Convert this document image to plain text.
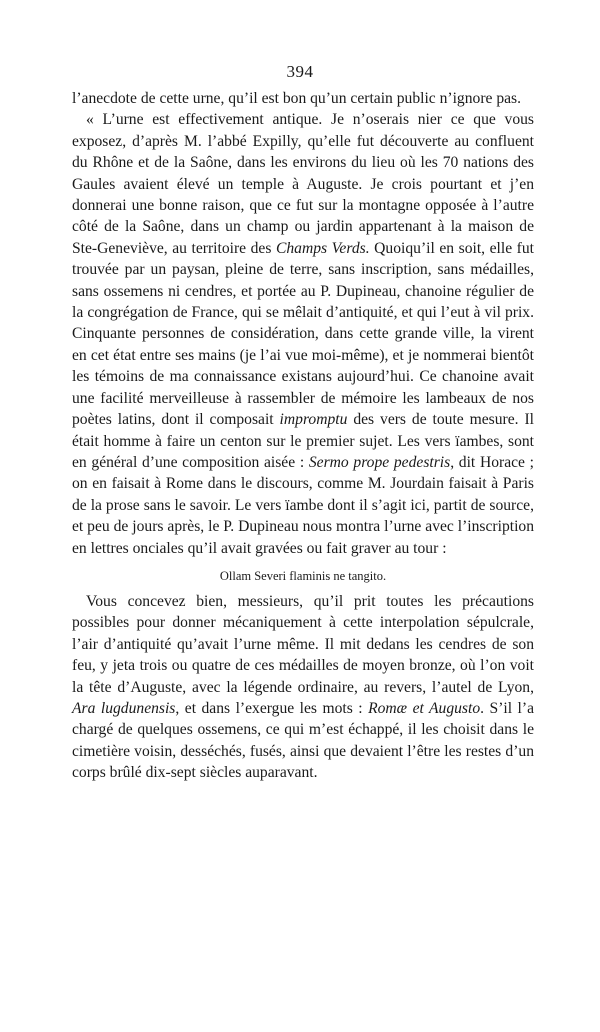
394

l’anecdote de cette urne, qu’il est bon qu’un certain public n’ignore pas.

« L’urne est effectivement antique. Je n’oserais nier ce que vous exposez, d’après M. l’abbé Expilly, qu’elle fut découverte au confluent du Rhône et de la Saône, dans les environs du lieu où les 70 nations des Gaules avaient élevé un temple à Auguste. Je crois pourtant et j’en donnerai une bonne raison, que ce fut sur la montagne opposée à l’autre côté de la Saône, dans un champ ou jardin appartenant à la maison de Ste-Geneviève, au territoire des Champs Verds. Quoiqu’il en soit, elle fut trouvée par un paysan, pleine de terre, sans inscription, sans médailles, sans ossemens ni cendres, et portée au P. Dupineau, chanoine régulier de la congrégation de France, qui se mêlait d’antiquité, et qui l’eut à vil prix. Cinquante personnes de considération, dans cette grande ville, la virent en cet état entre ses mains (je l’ai vue moi-même), et je nommerai bientôt les témoins de ma connaissance existans aujourd’hui. Ce chanoine avait une facilité merveilleuse à rassembler de mémoire les lambeaux de nos poètes latins, dont il composait impromptu des vers de toute mesure. Il était homme à faire un centon sur le premier sujet. Les vers ïambes, sont en général d’une composition aisée : Sermo prope pedestris, dit Horace ; on en faisait à Rome dans le discours, comme M. Jourdain faisait à Paris de la prose sans le savoir. Le vers ïambe dont il s’agit ici, partit de source, et peu de jours après, le P. Dupineau nous montra l’urne avec l’inscription en lettres onciales qu’il avait gravées ou fait graver au tour :

Ollam Severi flaminis ne tangito.

Vous concevez bien, messieurs, qu’il prit toutes les précautions possibles pour donner mécaniquement à cette interpolation sépulcrale, l’air d’antiquité qu’avait l’urne même. Il mit dedans les cendres de son feu, y jeta trois ou quatre de ces médailles de moyen bronze, où l’on voit la tête d’Auguste, avec la légende ordinaire, au revers, l’autel de Lyon, Ara lugdunensis, et dans l’exergue les mots : Romæ et Augusto. S’il l’a chargé de quelques ossemens, ce qui m’est échappé, il les choisit dans le cimetière voisin, desséchés, fusés, ainsi que devaient l’être les restes d’un corps brûlé dix-sept siècles auparavant.
